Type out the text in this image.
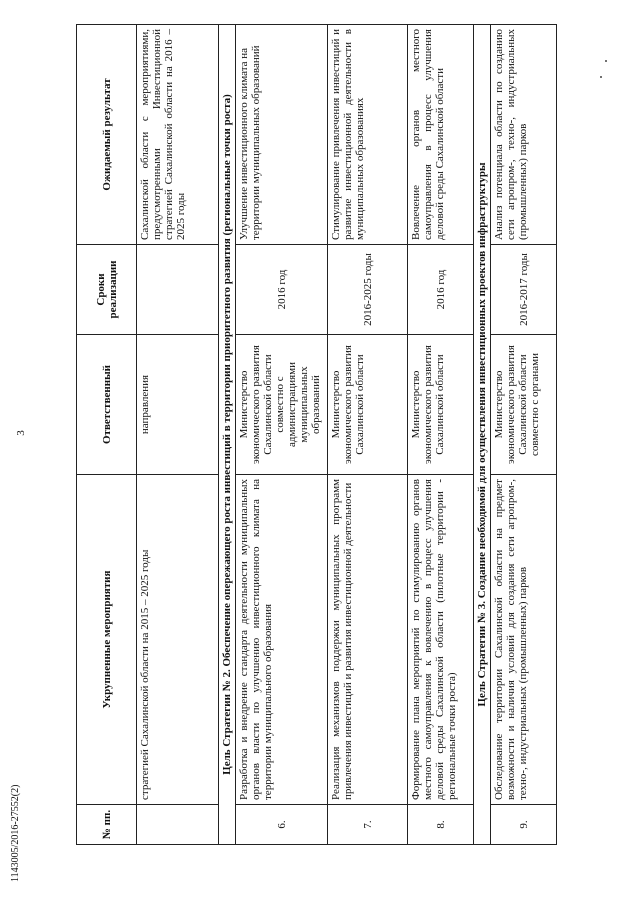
3
1143005/2016-27552(2)	№ пп.	Укрупненные мероприятия	Ответственный	Сроки реализации	Ожидаемый результат
	стратегией Сахалинской области на 2015 – 2025 годы	направления		Сахалинской области с мероприятиями, предусмотренными Инвестиционной стратегией Сахалинской области на 2016 – 2025 годы
Цель Стратегии № 2. Обеспечение опережающего роста инвестиций в территории приоритетного развития (региональные точки роста)				
6.	Разработка и внедрение стандарта деятельности муниципальных органов власти по улучшению инвестиционного климата на территории муниципального образования	Министерство экономического развития Сахалинской области совместно с администрациями муниципальных образований	2016 год	Улучшение инвестиционного климата на территории муниципальных образований
7.	Реализация механизмов поддержки муниципальных программ привлечения инвестиций и развития инвестиционной деятельности	Министерство экономического развития Сахалинской области	2016-2025 годы	Стимулирование привлечения инвестиций и развитие инвестиционной деятельности в муниципальных образованиях
8.	Формирование плана мероприятий по стимулированию органов местного самоуправления к вовлечению в процесс улучшения деловой среды Сахалинской области (пилотные территории - региональные точки роста)	Министерство экономического развития Сахалинской области	2016 год	Вовлечение органов местного самоуправления в процесс улучшения деловой среды Сахалинской области
Цель Стратегии № 3. Создание необходимой для осуществления инвестиционных проектов инфраструктуры				
9.	Обследование территории Сахалинской области на предмет возможности и наличия условий для создания сети агропром-, техно-, индустриальных (промышленных) парков	Министерство экономического развития Сахалинской области совместно с органами	2016-2017 годы	Анализ потенциала области по созданию сети агропром-, техно-, индустриальных (промышленных) парков
